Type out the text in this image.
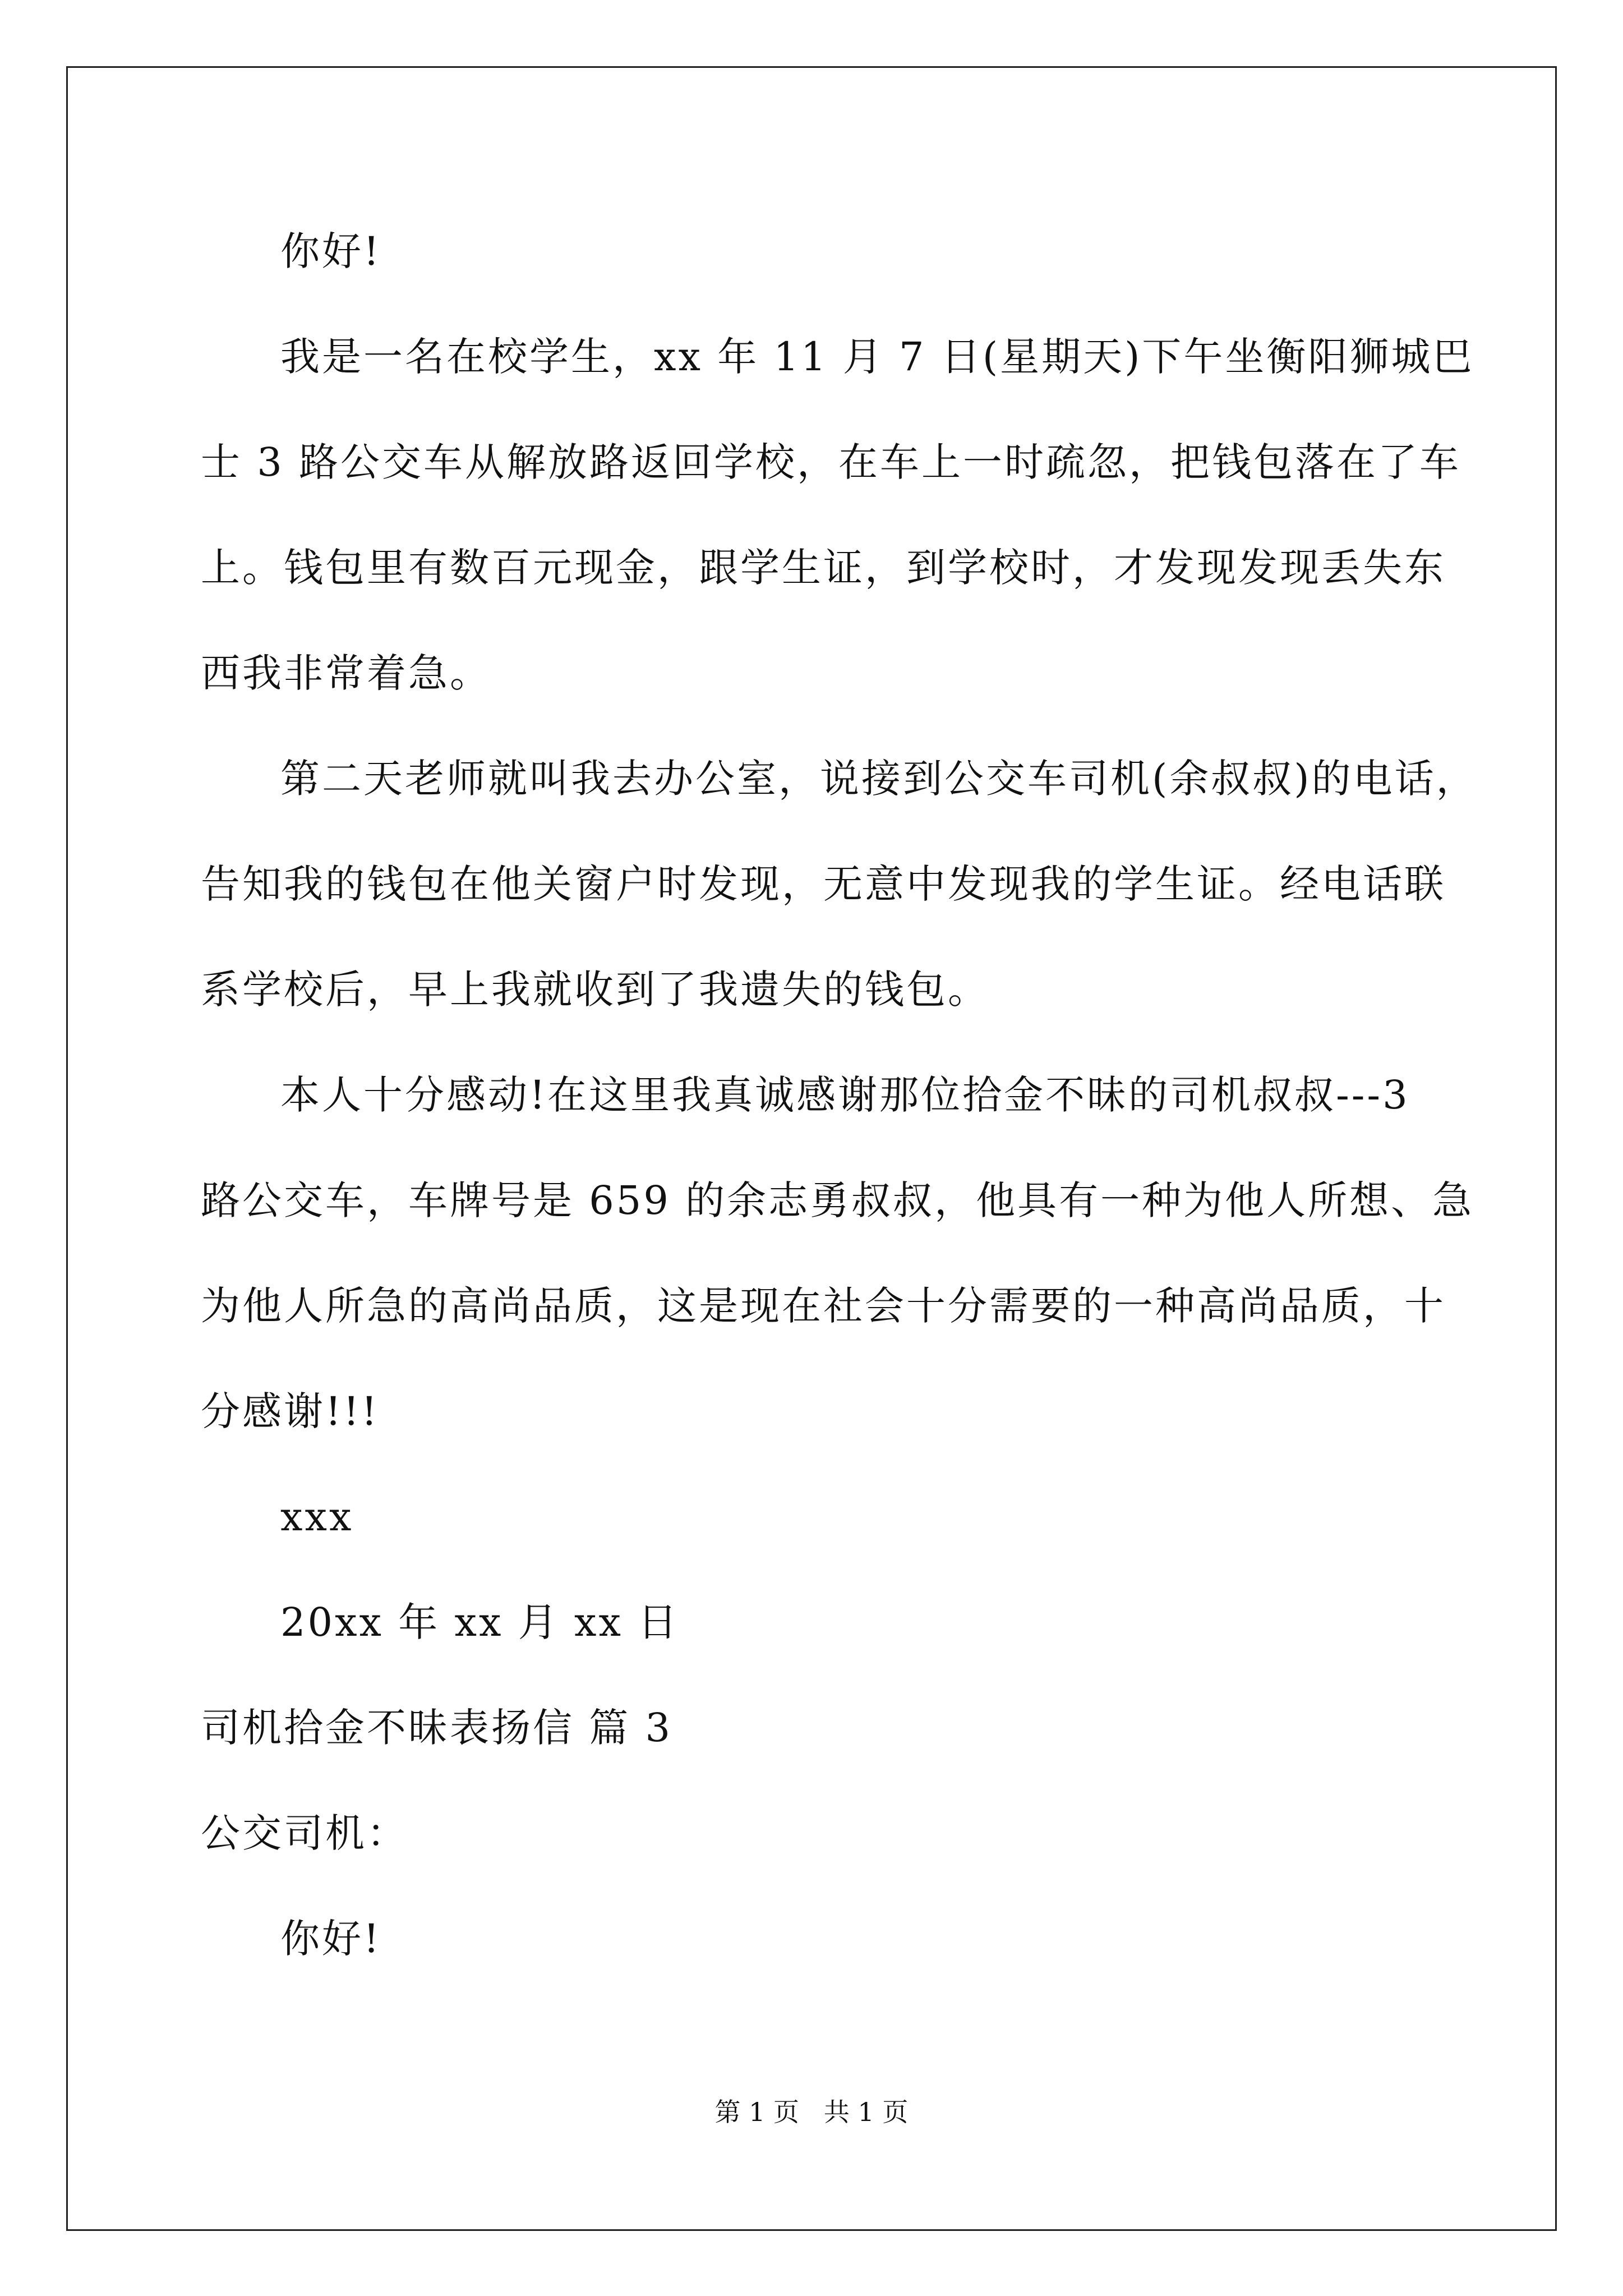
你好!
我是一名在校学生，xx 年 11 月 7 日(星期天)下午坐衡阳狮城巴
士 3 路公交车从解放路返回学校，在车上一时疏忽，把钱包落在了车
上。钱包里有数百元现金，跟学生证，到学校时，才发现发现丢失东
西我非常着急。
第二天老师就叫我去办公室，说接到公交车司机(余叔叔)的电话，
告知我的钱包在他关窗户时发现，无意中发现我的学生证。经电话联
系学校后，早上我就收到了我遗失的钱包。
本人十分感动!在这里我真诚感谢那位拾金不昧的司机叔叔---3
路公交车，车牌号是 659 的余志勇叔叔，他具有一种为他人所想、急
为他人所急的高尚品质，这是现在社会十分需要的一种高尚品质，十
分感谢!!!
xxx
20xx 年 xx 月 xx 日
司机拾金不昧表扬信 篇 3
公交司机：
你好!
第 1 页   共 1 页
